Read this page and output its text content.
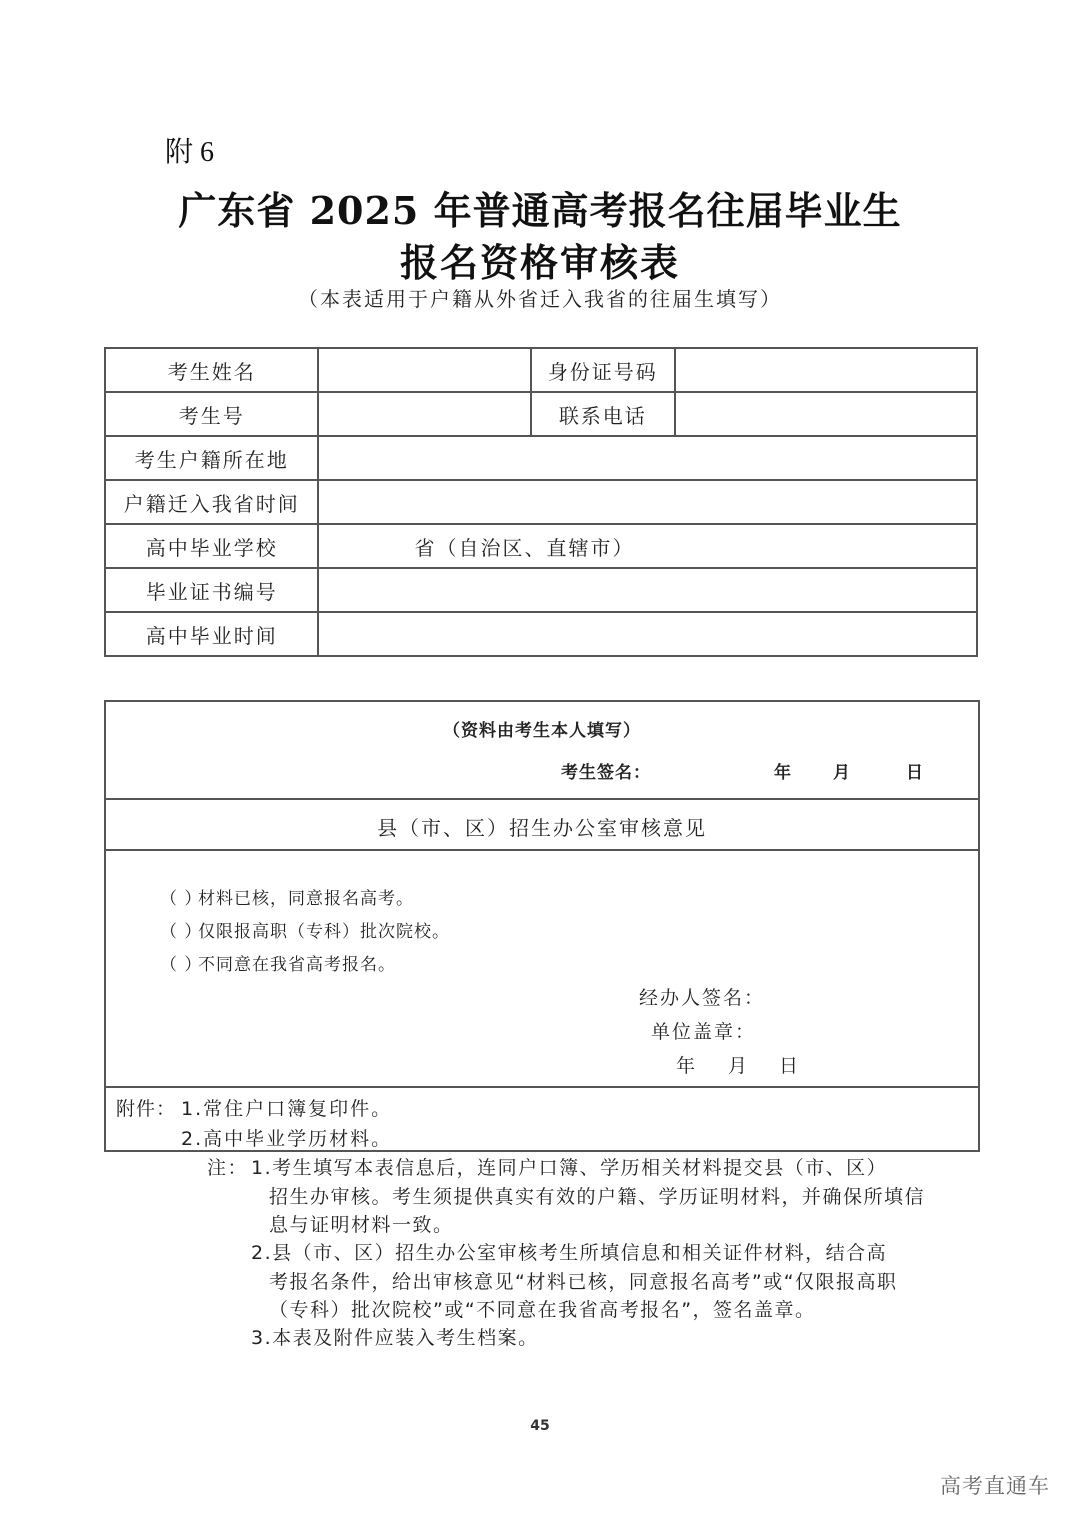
附 6
广东省 2025 年普通高考报名往届毕业生
报名资格审核表
（本表适用于户籍从外省迁入我省的往届生填写）
考生姓名		身份证号码	
考生号		联系电话	
考生户籍所在地			
户籍迁入我省时间			
高中毕业学校	省（自治区、直辖市）		
毕业证书编号			
高中毕业时间			
（资料由考生本人填写）
考生签名：	年 月	日
县（市、区）招生办公室审核意见
（ ）材料已核，同意报名高考。
（ ）仅限报高职（专科）批次院校。
（ ）不同意在我省高考报名。
经办人签名：
单位盖章：
年 月 日
附件： 1.常住户口簿复印件。
2.高中毕业学历材料。
注： 1.考生填写本表信息后，连同户口簿、学历相关材料提交县（市、区）
招生办审核。考生须提供真实有效的户籍、学历证明材料，并确保所填信息与证明材料一致。
2.县（市、区）招生办公室审核考生所填信息和相关证件材料，结合高
考报名条件，给出审核意见“材料已核，同意报名高考”或“仅限报高职（专科）批次院校”或“不同意在我省高考报名”，签名盖章。
3.本表及附件应装入考生档案。
45
高考直通车
